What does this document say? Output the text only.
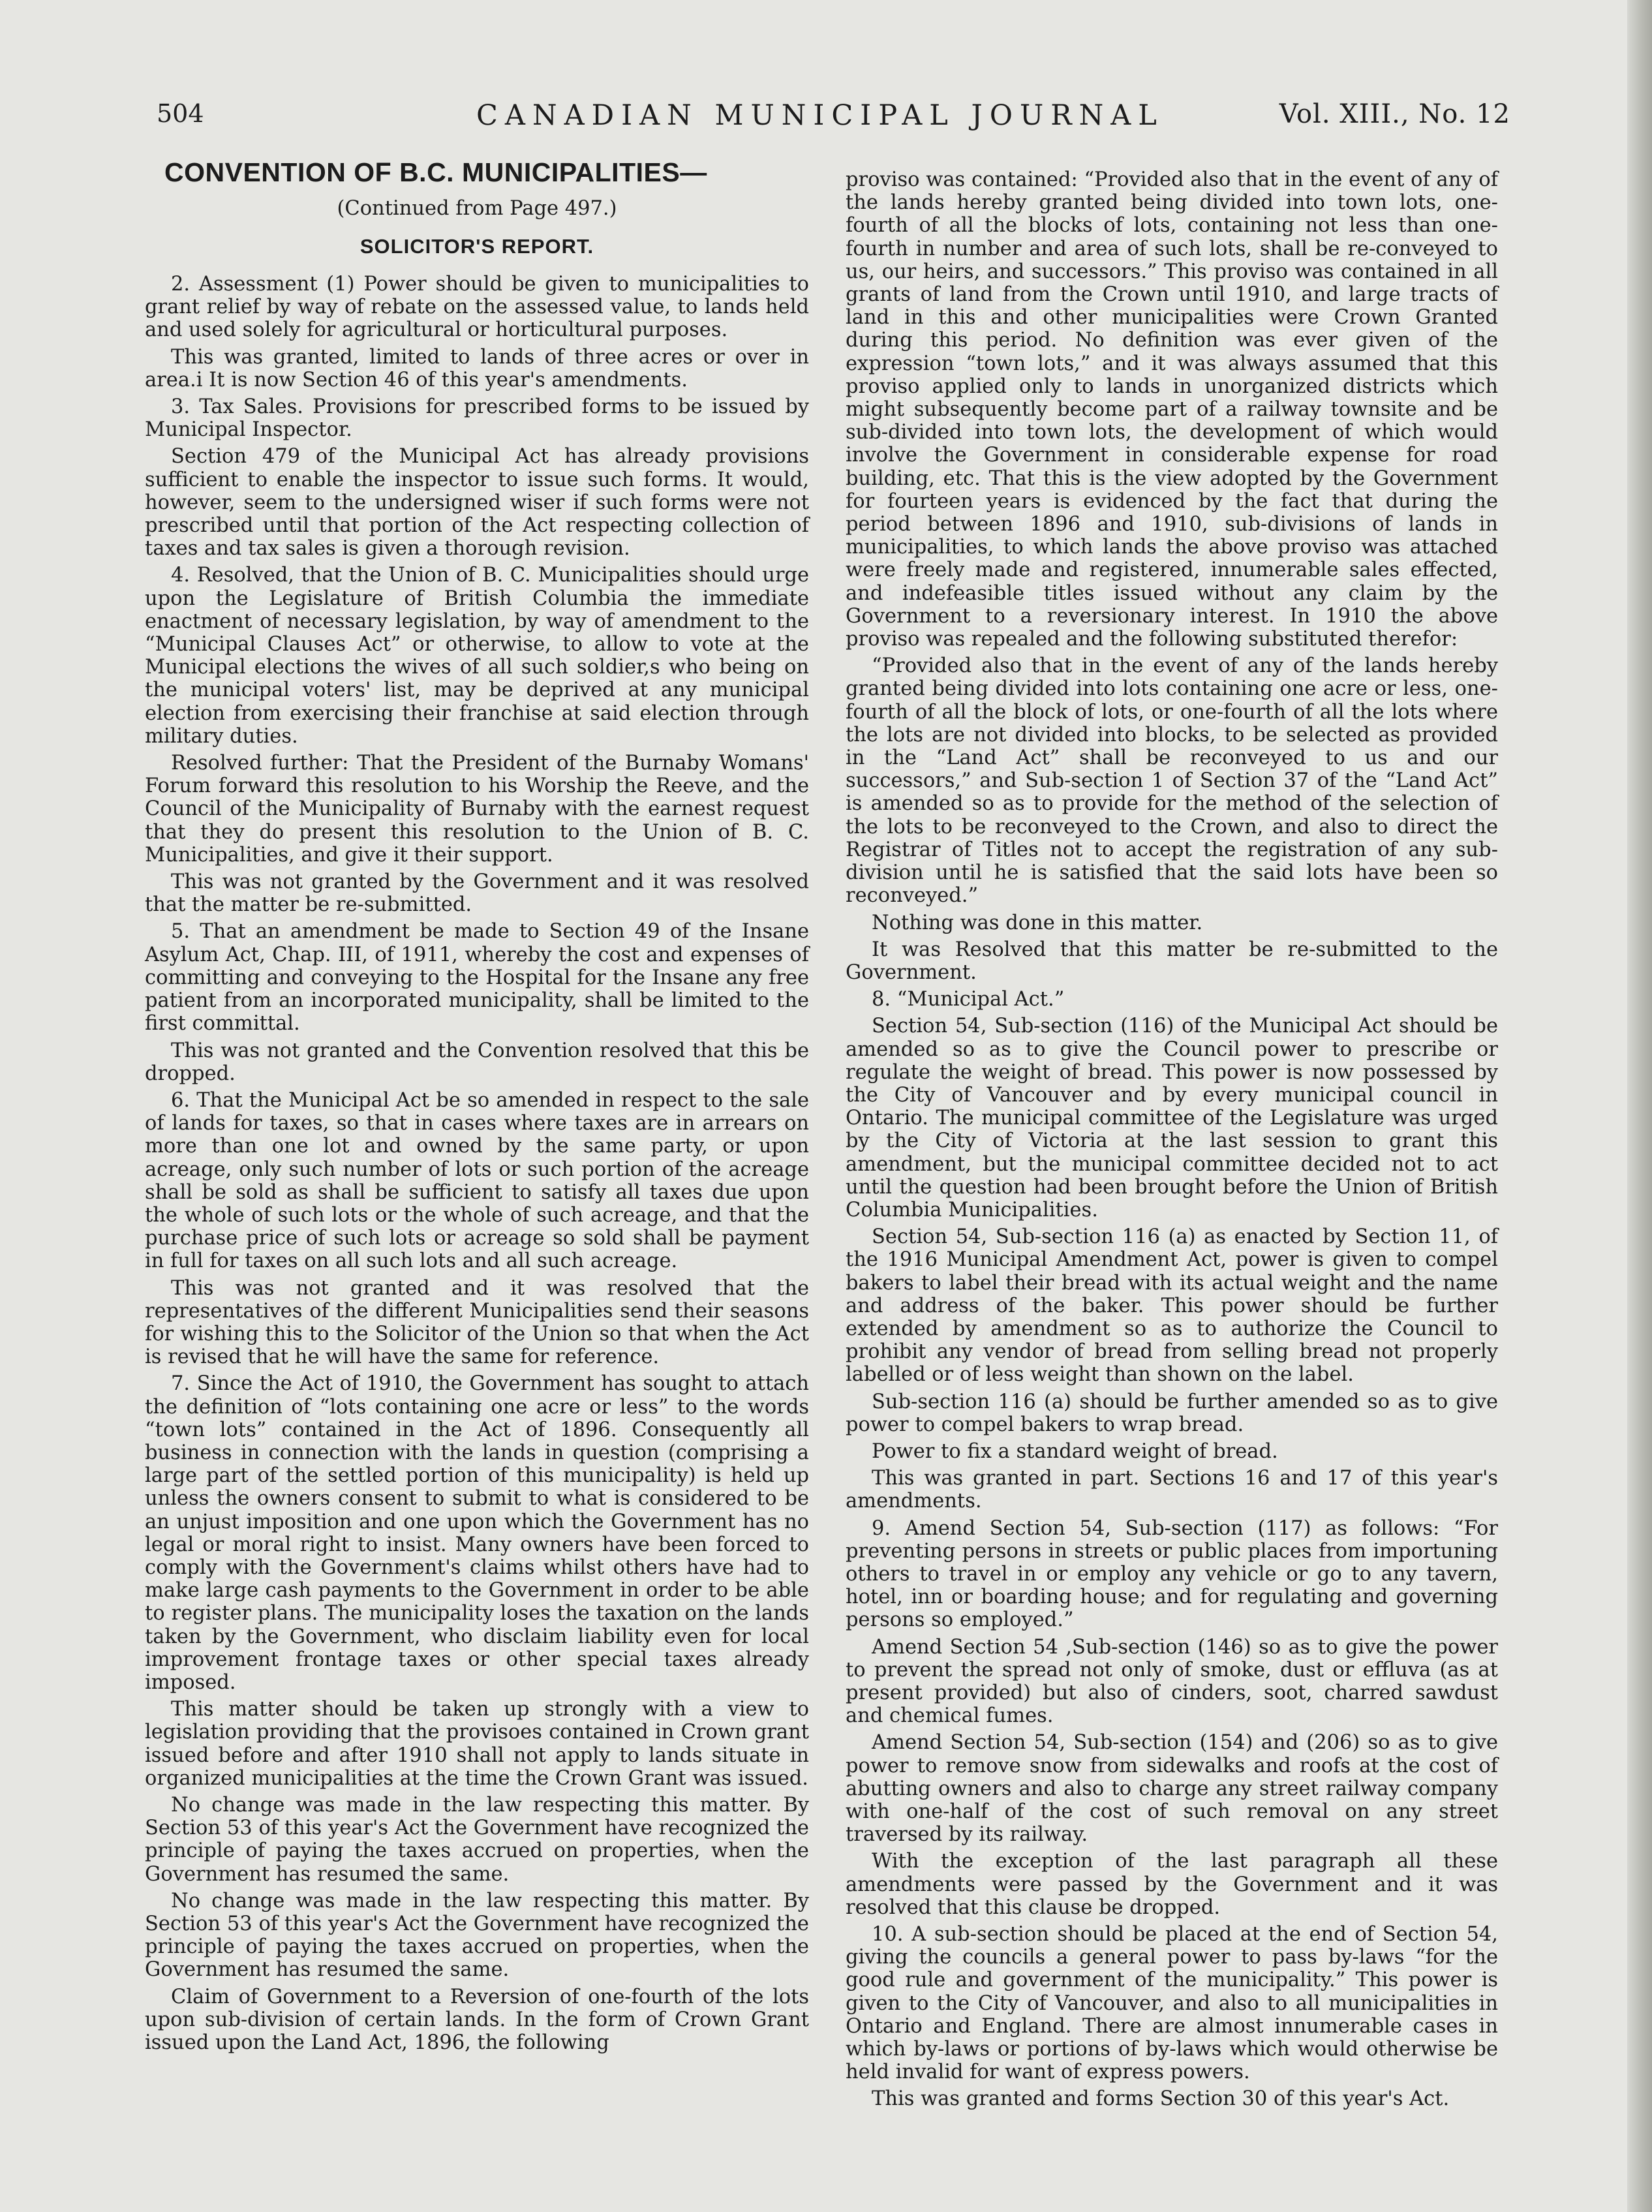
504	CANADIAN MUNICIPAL JOURNAL	Vol. XIII., No. 12
CONVENTION OF B.C. MUNICIPALITIES—
(Continued from Page 497.)
SOLICITOR'S REPORT.

2. Assessment (1) Power should be given to municipalities to grant relief by way of rebate on the assessed value, to lands held and used solely for agricultural or horticultural purposes.

This was granted, limited to lands of three acres or over in area.i It is now Section 46 of this year's amendments.

3. Tax Sales. Provisions for prescribed forms to be issued by Municipal Inspector.

Section 479 of the Municipal Act has already provisions sufficient to enable the inspector to issue such forms. It would, however, seem to the undersigned wiser if such forms were not prescribed until that portion of the Act respecting collection of taxes and tax sales is given a thorough revision.

4. Resolved, that the Union of B. C. Municipalities should urge upon the Legislature of British Columbia the immediate enactment of necessary legislation, by way of amendment to the “Municipal Clauses Act” or otherwise, to allow to vote at the Municipal elections the wives of all such soldier,s who being on the municipal voters' list, may be deprived at any municipal election from exercising their franchise at said election through military duties.

Resolved further: That the President of the Burnaby Womans' Forum forward this resolution to his Worship the Reeve, and the Council of the Municipality of Burnaby with the earnest request that they do present this resolution to the Union of B. C. Municipalities, and give it their support.

This was not granted by the Government and it was resolved that the matter be re-submitted.

5. That an amendment be made to Section 49 of the Insane Asylum Act, Chap. III, of 1911, whereby the cost and expenses of committing and conveying to the Hospital for the Insane any free patient from an incorporated municipality, shall be limited to the first committal.

This was not granted and the Convention resolved that this be dropped.

6. That the Municipal Act be so amended in respect to the sale of lands for taxes, so that in cases where taxes are in arrears on more than one lot and owned by the same party, or upon acreage, only such number of lots or such portion of the acreage shall be sold as shall be sufficient to satisfy all taxes due upon the whole of such lots or the whole of such acreage, and that the purchase price of such lots or acreage so sold shall be payment in full for taxes on all such lots and all such acreage.

This was not granted and it was resolved that the representatives of the different Municipalities send their seasons for wishing this to the Solicitor of the Union so that when the Act is revised that he will have the same for reference.

7. Since the Act of 1910, the Government has sought to attach the definition of “lots containing one acre or less” to the words “town lots” contained in the Act of 1896. Consequently all business in connection with the lands in question (comprising a large part of the settled portion of this municipality) is held up unless the owners consent to submit to what is considered to be an unjust imposition and one upon which the Government has no legal or moral right to insist. Many owners have been forced to comply with the Government's claims whilst others have had to make large cash payments to the Government in order to be able to register plans. The municipality loses the taxation on the lands taken by the Government, who disclaim liability even for local improvement frontage taxes or other special taxes already imposed.

This matter should be taken up strongly with a view to legislation providing that the provisoes contained in Crown grant issued before and after 1910 shall not apply to lands situate in organized municipalities at the time the Crown Grant was issued.

No change was made in the law respecting this matter. By Section 53 of this year's Act the Government have recognized the principle of paying the taxes accrued on properties, when the Government has resumed the same.

No change was made in the law respecting this matter. By Section 53 of this year's Act the Government have recognized the principle of paying the taxes accrued on properties, when the Government has resumed the same.

Claim of Government to a Reversion of one-fourth of the lots upon sub-division of certain lands. In the form of Crown Grant issued upon the Land Act, 1896, the following

proviso was contained: “Provided also that in the event of any of the lands hereby granted being divided into town lots, one-fourth of all the blocks of lots, containing not less than one-fourth in number and area of such lots, shall be re-conveyed to us, our heirs, and successors.” This proviso was contained in all grants of land from the Crown until 1910, and large tracts of land in this and other municipalities were Crown Granted during this period. No definition was ever given of the expression “town lots,” and it was always assumed that this proviso applied only to lands in unorganized districts which might subsequently become part of a railway townsite and be sub-divided into town lots, the development of which would involve the Government in considerable expense for road building, etc. That this is the view adopted by the Government for fourteen years is evidenced by the fact that during the period between 1896 and 1910, sub-divisions of lands in municipalities, to which lands the above proviso was attached were freely made and registered, innumerable sales effected, and indefeasible titles issued without any claim by the Government to a reversionary interest. In 1910 the above proviso was repealed and the following substituted therefor:

“Provided also that in the event of any of the lands hereby granted being divided into lots containing one acre or less, one-fourth of all the block of lots, or one-fourth of all the lots where the lots are not divided into blocks, to be selected as provided in the “Land Act” shall be reconveyed to us and our successors,” and Sub-section 1 of Section 37 of the “Land Act” is amended so as to provide for the method of the selection of the lots to be reconveyed to the Crown, and also to direct the Registrar of Titles not to accept the registration of any sub-division until he is satisfied that the said lots have been so reconveyed.”

Nothing was done in this matter.

It was Resolved that this matter be re-submitted to the Government.

8. “Municipal Act.”

Section 54, Sub-section (116) of the Municipal Act should be amended so as to give the Council power to prescribe or regulate the weight of bread. This power is now possessed by the City of Vancouver and by every municipal council in Ontario. The municipal committee of the Legislature was urged by the City of Victoria at the last session to grant this amendment, but the municipal committee decided not to act until the question had been brought before the Union of British Columbia Municipalities.

Section 54, Sub-section 116 (a) as enacted by Section 11, of the 1916 Municipal Amendment Act, power is given to compel bakers to label their bread with its actual weight and the name and address of the baker. This power should be further extended by amendment so as to authorize the Council to prohibit any vendor of bread from selling bread not properly labelled or of less weight than shown on the label.

Sub-section 116 (a) should be further amended so as to give power to compel bakers to wrap bread.

Power to fix a standard weight of bread.

This was granted in part. Sections 16 and 17 of this year's amendments.

9. Amend Section 54, Sub-section (117) as follows: “For preventing persons in streets or public places from importuning others to travel in or employ any vehicle or go to any tavern, hotel, inn or boarding house; and for regulating and governing persons so employed.”

Amend Section 54 ,Sub-section (146) so as to give the power to prevent the spread not only of smoke, dust or effluva (as at present provided) but also of cinders, soot, charred sawdust and chemical fumes.

Amend Section 54, Sub-section (154) and (206) so as to give power to remove snow from sidewalks and roofs at the cost of abutting owners and also to charge any street railway company with one-half of the cost of such removal on any street traversed by its railway.

With the exception of the last paragraph all these amendments were passed by the Government and it was resolved that this clause be dropped.

10. A sub-section should be placed at the end of Section 54, giving the councils a general power to pass by-laws “for the good rule and government of the municipality.” This power is given to the City of Vancouver, and also to all municipalities in Ontario and England. There are almost innumerable cases in which by-laws or portions of by-laws which would otherwise be held invalid for want of express powers.

This was granted and forms Section 30 of this year's Act.
